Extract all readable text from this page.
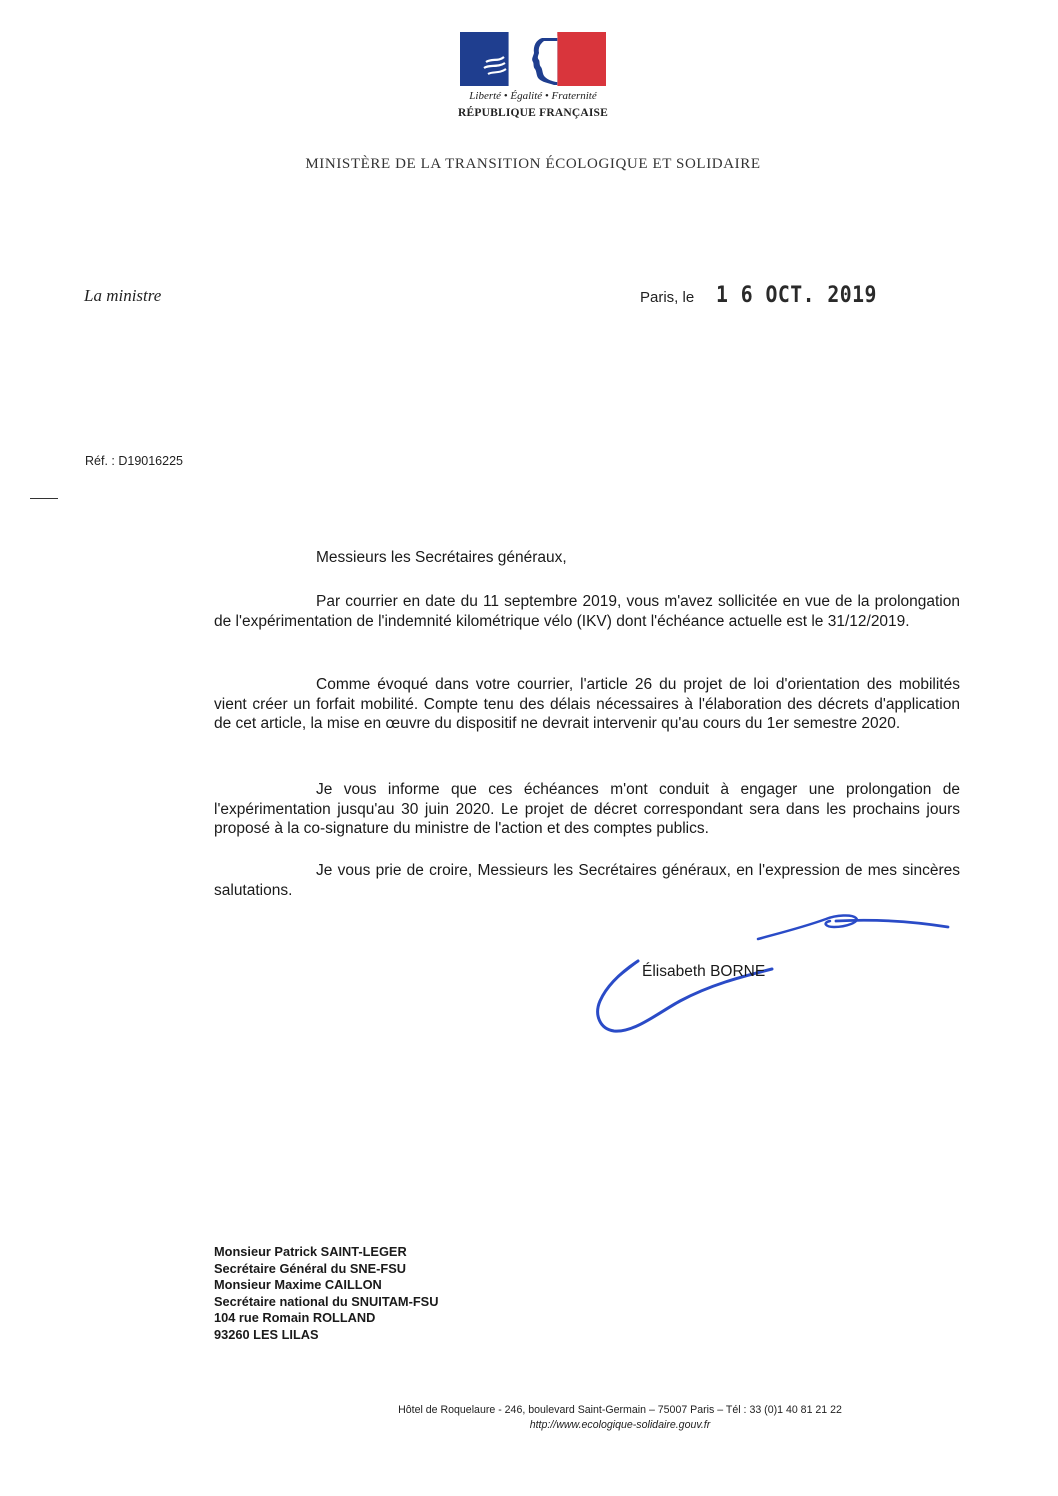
Liberté • Égalité • Fraternité
RÉPUBLIQUE FRANÇAISE
MINISTÈRE DE LA TRANSITION ÉCOLOGIQUE ET SOLIDAIRE
La ministre	Paris, le 1 6 OCT. 2019
Réf. : D19016225
Messieurs les Secrétaires généraux,

Par courrier en date du 11 septembre 2019, vous m'avez sollicitée en vue de la prolongation de l'expérimentation de l'indemnité kilométrique vélo (IKV) dont l'échéance actuelle est le 31/12/2019.

Comme évoqué dans votre courrier, l'article 26 du projet de loi d'orientation des mobilités vient créer un forfait mobilité. Compte tenu des délais nécessaires à l'élaboration des décrets d'application de cet article, la mise en œuvre du dispositif ne devrait intervenir qu'au cours du 1er semestre 2020.

Je vous informe que ces échéances m'ont conduit à engager une prolongation de l'expérimentation jusqu'au 30 juin 2020. Le projet de décret correspondant sera dans les prochains jours proposé à la co-signature du ministre de l'action et des comptes publics.

Je vous prie de croire, Messieurs les Secrétaires généraux, en l'expression de mes sincères salutations.

Élisabeth BORNE
Monsieur Patrick SAINT-LEGER
Secrétaire Général du SNE-FSU
Monsieur Maxime CAILLON
Secrétaire national du SNUITAM-FSU
104 rue Romain ROLLAND
93260 LES LILAS
Hôtel de Roquelaure - 246, boulevard Saint-Germain – 75007 Paris – Tél : 33 (0)1 40 81 21 22
http://www.ecologique-solidaire.gouv.fr
